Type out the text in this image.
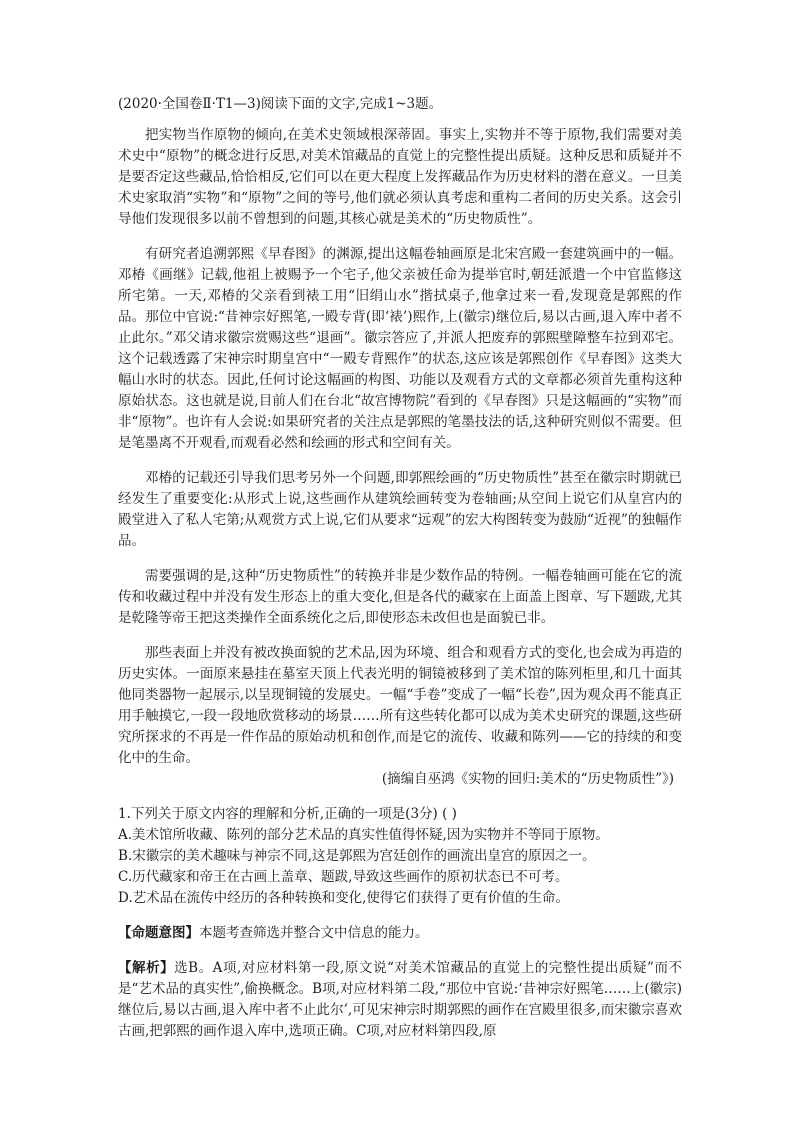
(2020·全国卷Ⅱ·T1—3)阅读下面的文字,完成1~3题。

把实物当作原物的倾向,在美术史领域根深蒂固。事实上,实物并不等于原物,我们需要对美术史中“原物”的概念进行反思,对美术馆藏品的直觉上的完整性提出质疑。这种反思和质疑并不是要否定这些藏品,恰恰相反,它们可以在更大程度上发挥藏品作为历史材料的潜在意义。一旦美术史家取消“实物”和“原物”之间的等号,他们就必须认真考虑和重构二者间的历史关系。这会引导他们发现很多以前不曾想到的问题,其核心就是美术的“历史物质性”。

有研究者追溯郭熙《早春图》的渊源,提出这幅卷轴画原是北宋宫殿一套建筑画中的一幅。邓椿《画继》记载,他祖上被赐予一个宅子,他父亲被任命为提举官时,朝廷派遣一个中官监修这所宅第。一天,邓椿的父亲看到裱工用“旧绢山水”揩拭桌子,他拿过来一看,发现竟是郭熙的作品。那位中官说:“昔神宗好熙笔,一殿专背(即‘裱’)熙作,上(徽宗)继位后,易以古画,退入库中者不止此尔。”邓父请求徽宗赏赐这些“退画”。徽宗答应了,并派人把废弃的郭熙壁障整车拉到邓宅。这个记载透露了宋神宗时期皇宫中“一殿专背熙作”的状态,这应该是郭熙创作《早春图》这类大幅山水时的状态。因此,任何讨论这幅画的构图、功能以及观看方式的文章都必须首先重构这种原始状态。这也就是说,目前人们在台北“故宫博物院”看到的《早春图》只是这幅画的“实物”而非“原物”。也许有人会说:如果研究者的关注点是郭熙的笔墨技法的话,这种研究则似不需要。但是笔墨离不开观看,而观看必然和绘画的形式和空间有关。

邓椿的记载还引导我们思考另外一个问题,即郭熙绘画的“历史物质性”甚至在徽宗时期就已经发生了重要变化:从形式上说,这些画作从建筑绘画转变为卷轴画;从空间上说它们从皇宫内的殿堂进入了私人宅第;从观赏方式上说,它们从要求“远观”的宏大构图转变为鼓励“近视”的独幅作品。

需要强调的是,这种“历史物质性”的转换并非是少数作品的特例。一幅卷轴画可能在它的流传和收藏过程中并没有发生形态上的重大变化,但是各代的藏家在上面盖上图章、写下题跋,尤其是乾隆等帝王把这类操作全面系统化之后,即使形态未改但也是面貌已非。

那些表面上并没有被改换面貌的艺术品,因为环境、组合和观看方式的变化,也会成为再造的历史实体。一面原来悬挂在墓室天顶上代表光明的铜镜被移到了美术馆的陈列柜里,和几十面其他同类器物一起展示,以呈现铜镜的发展史。一幅“手卷”变成了一幅“长卷”,因为观众再不能真正用手触摸它,一段一段地欣赏移动的场景……所有这些转化都可以成为美术史研究的课题,这些研究所探求的不再是一件作品的原始动机和创作,而是它的流传、收藏和陈列——它的持续的和变化中的生命。

(摘编自巫鸿《实物的回归:美术的“历史物质性”》)

1.下列关于原文内容的理解和分析,正确的一项是(3分) ( )

A.美术馆所收藏、陈列的部分艺术品的真实性值得怀疑,因为实物并不等同于原物。

B.宋徽宗的美术趣味与神宗不同,这是郭熙为宫廷创作的画流出皇宫的原因之一。

C.历代藏家和帝王在古画上盖章、题跋,导致这些画作的原初状态已不可考。

D.艺术品在流传中经历的各种转换和变化,使得它们获得了更有价值的生命。

【命题意图】本题考查筛选并整合文中信息的能力。

【解析】选B。A项,对应材料第一段,原文说“对美术馆藏品的直觉上的完整性提出质疑”而不是“艺术品的真实性”,偷换概念。B项,对应材料第二段,“那位中官说:‘昔神宗好熙笔……上(徽宗)继位后,易以古画,退入库中者不止此尔’,可见宋神宗时期郭熙的画作在宫殿里很多,而宋徽宗喜欢古画,把郭熙的画作退入库中,选项正确。C项,对应材料第四段,原
